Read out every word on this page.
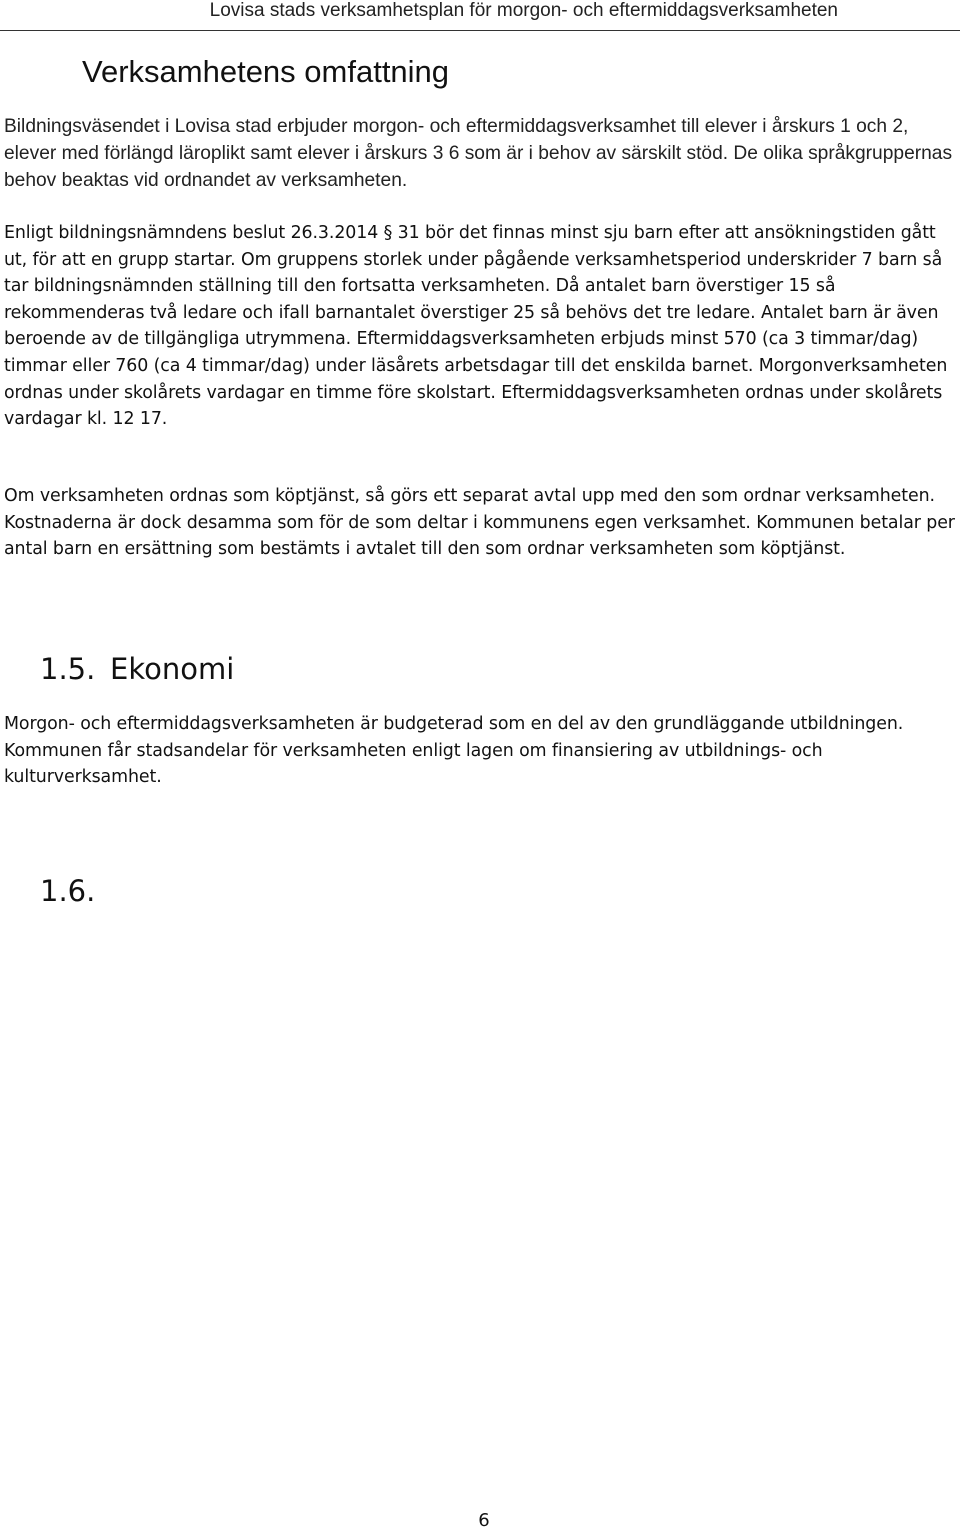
Lovisa stads verksamhetsplan för morgon- och eftermiddagsverksamheten
Verksamhetens omfattning

Bildningsväsendet i Lovisa stad erbjuder morgon- och eftermiddagsverksamhet till elever i årskurs 1 och 2, elever med förlängd läroplikt samt elever i årskurs 3 6 som är i behov av särskilt stöd. De olika språkgruppernas behov beaktas vid ordnandet av verksamheten.

Enligt bildningsnämndens beslut 26.3.2014 § 31 bör det finnas minst sju barn efter att ansökningstiden gått ut, för att en grupp startar. Om gruppens storlek under pågående verksamhetsperiod underskrider 7 barn så tar bildningsnämnden ställning till den fortsatta verksamheten. Då antalet barn överstiger 15 så rekommenderas två ledare och ifall barnantalet överstiger 25 så behövs det tre ledare. Antalet barn är även beroende av de tillgängliga utrymmena. Eftermiddagsverksamheten erbjuds minst 570 (ca 3 timmar/dag) timmar eller 760 (ca 4 timmar/dag) under läsårets arbetsdagar till det enskilda barnet. Morgonverksamheten ordnas under skolårets vardagar en timme före skolstart. Eftermiddagsverksamheten ordnas under skolårets vardagar kl. 12 17.

Om verksamheten ordnas som köptjänst, så görs ett separat avtal upp med den som ordnar verksamheten. Kostnaderna är dock desamma som för de som deltar i kommunens egen verksamhet. Kommunen betalar per antal barn en ersättning som bestämts i avtalet till den som ordnar verksamheten som köptjänst.

1.5. Ekonomi

Morgon- och eftermiddagsverksamheten är budgeterad som en del av den grundläggande utbildningen. Kommunen får stadsandelar för verksamheten enligt lagen om finansiering av utbildnings- och kulturverksamhet.

1.6.
6
